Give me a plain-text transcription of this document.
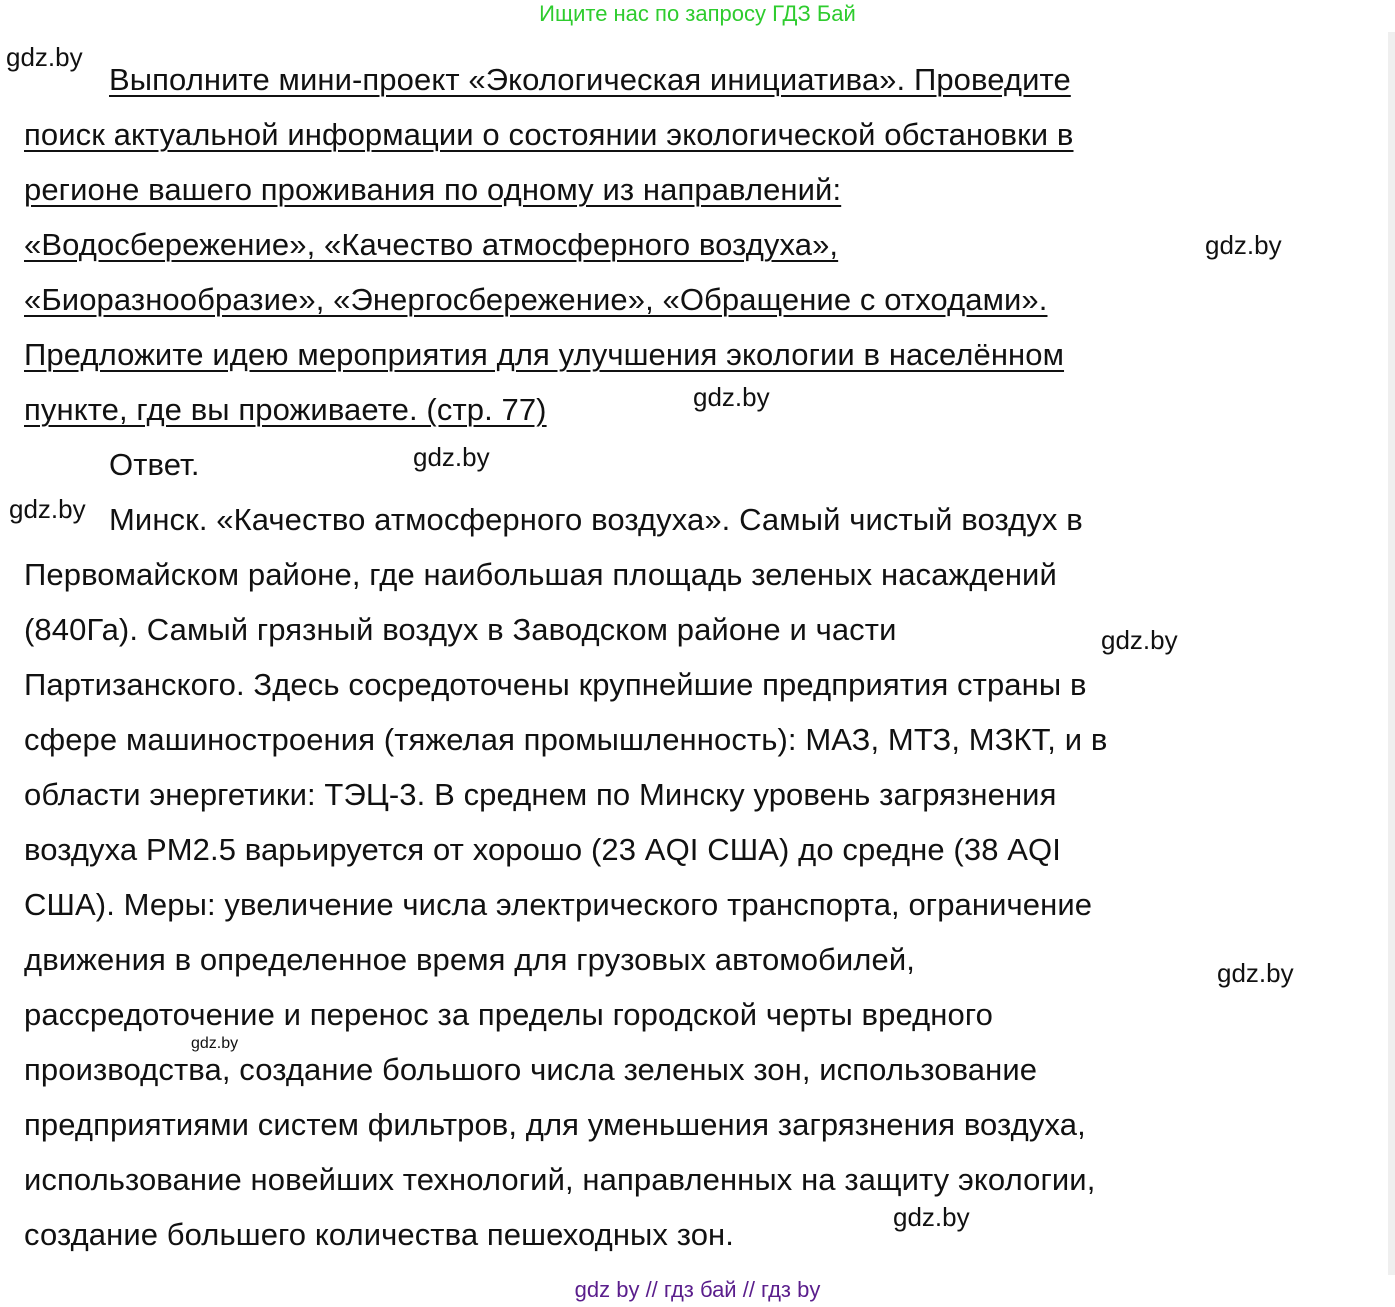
Ищите нас по запросу ГДЗ Бай
Выполните мини-проект «Экологическая инициатива». Проведите
поиск актуальной информации о состоянии экологической обстановки в
регионе вашего проживания по одному из направлений:
«Водосбережение», «Качество атмосферного воздуха»,
«Биоразнообразие», «Энергосбережение», «Обращение с отходами».
Предложите идею мероприятия для улучшения экологии в населённом
пункте, где вы проживаете. (стр. 77)
Ответ.
Минск. «Качество атмосферного воздуха». Самый чистый воздух в
Первомайском районе, где наибольшая площадь зеленых насаждений
(840Га). Самый грязный воздух в Заводском районе и части
Партизанского. Здесь сосредоточены крупнейшие предприятия страны в
сфере машиностроения (тяжелая промышленность): МАЗ, МТЗ, МЗКТ, и в
области энергетики: ТЭЦ-3. В среднем по Минску уровень загрязнения
воздуха PM2.5 варьируется от хорошо (23 AQI США) до средне (38 AQI
США). Меры: увеличение числа электрического транспорта, ограничение
движения в определенное время для грузовых автомобилей,
рассредоточение и перенос за пределы городской черты вредного
производства, создание большого числа зеленых зон, использование
предприятиями систем фильтров, для уменьшения загрязнения воздуха,
использование новейших технологий, направленных на защиту экологии,
создание большего количества пешеходных зон.
gdz.by
gdz.by
gdz.by
gdz.by
gdz.by
gdz.by
gdz.by
gdz.by
gdz.by
gdz by // гдз бай // гдз by
